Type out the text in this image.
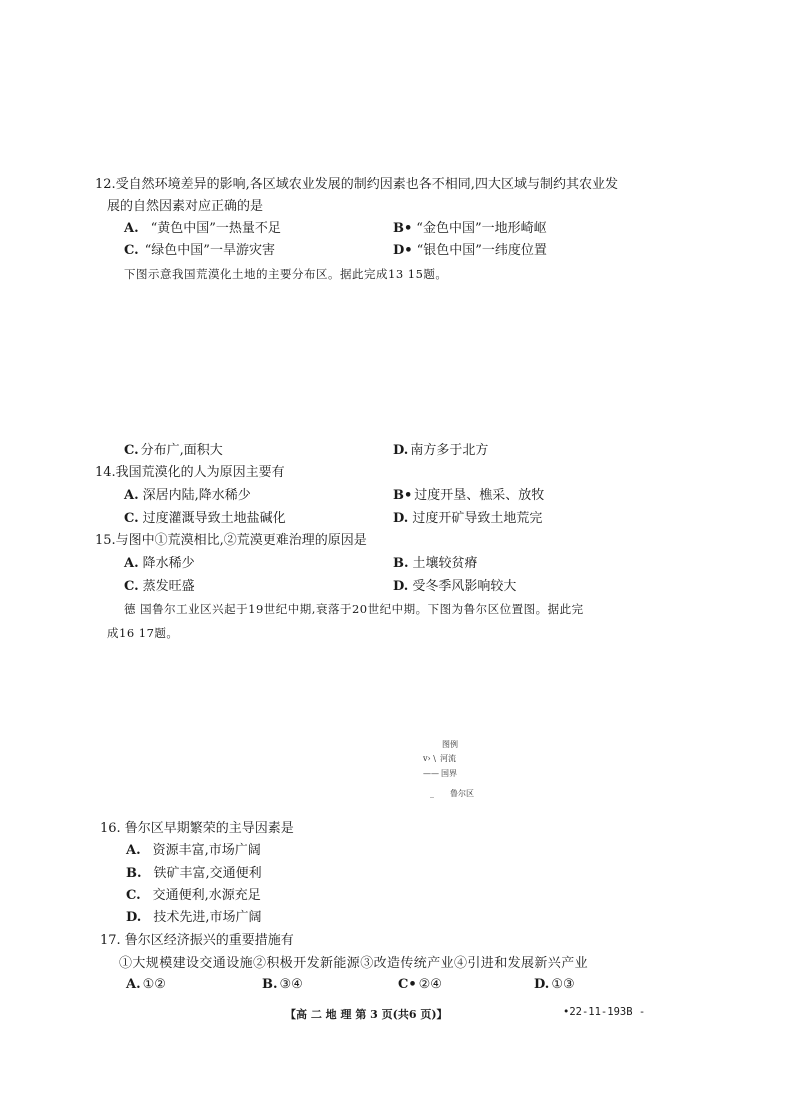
12.受自然环境差异的影响,各区域农业发展的制约因素也各不相同,四大区域与制约其农业发
展的自然因素对应正确的是
A. “黄色中国”一热量不足	B• “金色中国”一地形崎岖
C. “绿色中国”一旱游灾害	D• “银色中国”一纬度位置
下图示意我国荒漠化土地的主要分布区。据此完成13 15题。
C. 分布广,面积大	D. 南方多于北方
14.我国荒漠化的人为原因主要有
A. 深居内陆,降水稀少	B• 过度开垦、樵采、放牧
C. 过度灌溉导致土地盐碱化	D. 过度开矿导致土地荒完
15.与图中①荒漠相比,②荒漠更难治理的原因是
A. 降水稀少	B. 土壤较贫瘠
C. 蒸发旺盛	D. 受冬季风影响较大
德 国鲁尔工业区兴起于19世纪中期,衰落于20世纪中期。下图为鲁尔区位置图。据此完
成16 17题。
图例
v› \ 河流
—— 国界
_ 鲁尔区
16. 鲁尔区早期繁荣的主导因素是
A. 资源丰富,市场广阔
B. 铁矿丰富,交通便利
C. 交通便利,水源充足
D. 技术先进,市场广阔
17. 鲁尔区经济振兴的重要措施有
①大规模建设交通设施②积极开发新能源③改造传统产业④引进和发展新兴产业
A. ①②	B. ③④	C• ②④	D. ①③
【高 二 地 理 第 3 页(共6 页)】	•22-11-193B -
